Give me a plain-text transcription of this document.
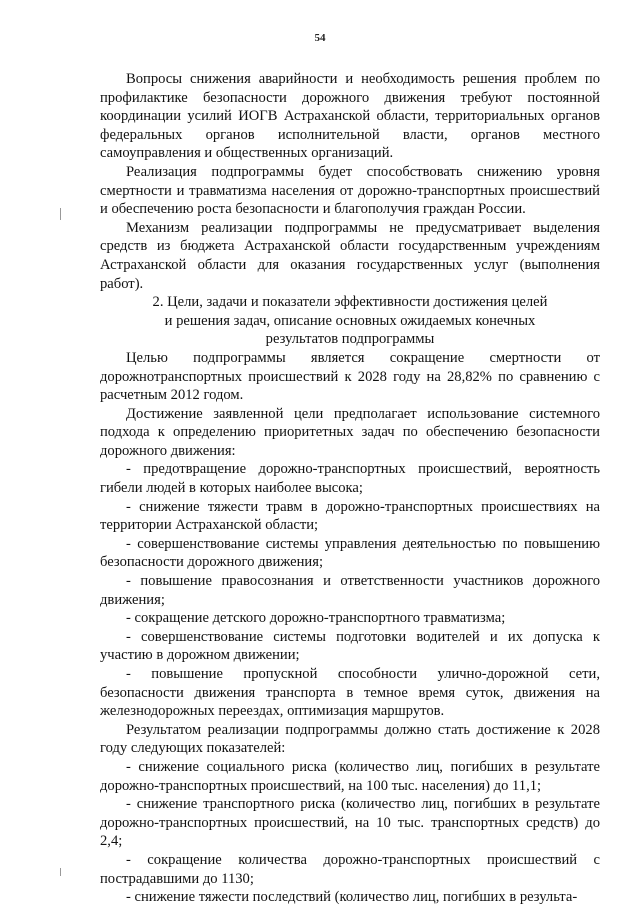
54

Вопросы снижения аварийности и необходимость решения проблем по профилактике безопасности дорожного движения требуют постоянной координации усилий ИОГВ Астраханской области, территориальных органов федеральных органов исполнительной власти, органов местного самоуправления и общественных организаций.

Реализация подпрограммы будет способствовать снижению уровня смертности и травматизма населения от дорожно-транспортных происшествий и обеспечению роста безопасности и благополучия граждан России.

Механизм реализации подпрограммы не предусматривает выделения средств из бюджета Астраханской области государственным учреждениям Астраханской области для оказания государственных услуг (выполнения работ).

2. Цели, задачи и показатели эффективности достижения целей
и решения задач, описание основных ожидаемых конечных
результатов подпрограммы

Целью подпрограммы является сокращение смертности от дорожнотранспортных происшествий к 2028 году на 28,82% по сравнению с расчетным 2012 годом.

Достижение заявленной цели предполагает использование системного подхода к определению приоритетных задач по обеспечению безопасности дорожного движения:

- предотвращение дорожно-транспортных происшествий, вероятность гибели людей в которых наиболее высока;

- снижение тяжести травм в дорожно-транспортных происшествиях на территории Астраханской области;

- совершенствование системы управления деятельностью по повышению безопасности дорожного движения;

- повышение правосознания и ответственности участников дорожного движения;

- сокращение детского дорожно-транспортного травматизма;

- совершенствование системы подготовки водителей и их допуска к участию в дорожном движении;

- повышение пропускной способности улично-дорожной сети, безопасности движения транспорта в темное время суток, движения на железнодорожных переездах, оптимизация маршрутов.

Результатом реализации подпрограммы должно стать достижение к 2028 году следующих показателей:

- снижение социального риска (количество лиц, погибших в результате дорожно-транспортных происшествий, на 100 тыс. населения) до 11,1;

- снижение транспортного риска (количество лиц, погибших в результате дорожно-транспортных происшествий, на 10 тыс. транспортных средств) до 2,4;

- сокращение количества дорожно-транспортных происшествий с пострадавшими до 1130;

- снижение тяжести последствий (количество лиц, погибших в результа-
